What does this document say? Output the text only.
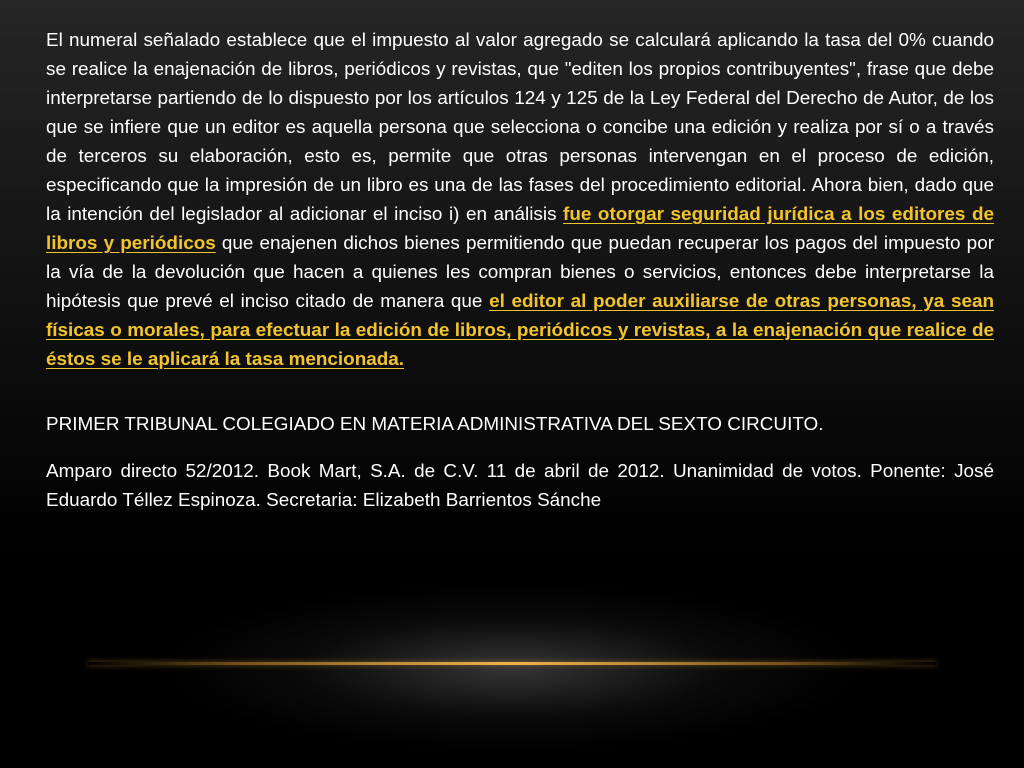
El numeral señalado establece que el impuesto al valor agregado se calculará aplicando la tasa del 0% cuando se realice la enajenación de libros, periódicos y revistas, que "editen los propios contribuyentes", frase que debe interpretarse partiendo de lo dispuesto por los artículos 124 y 125 de la Ley Federal del Derecho de Autor, de los que se infiere que un editor es aquella persona que selecciona o concibe una edición y realiza por sí o a través de terceros su elaboración, esto es, permite que otras personas intervengan en el proceso de edición, especificando que la impresión de un libro es una de las fases del procedimiento editorial. Ahora bien, dado que la intención del legislador al adicionar el inciso i) en análisis fue otorgar seguridad jurídica a los editores de libros y periódicos que enajenen dichos bienes permitiendo que puedan recuperar los pagos del impuesto por la vía de la devolución que hacen a quienes les compran bienes o servicios, entonces debe interpretarse la hipótesis que prevé el inciso citado de manera que el editor al poder auxiliarse de otras personas, ya sean físicas o morales, para efectuar la edición de libros, periódicos y revistas, a la enajenación que realice de éstos se le aplicará la tasa mencionada.

PRIMER TRIBUNAL COLEGIADO EN MATERIA ADMINISTRATIVA DEL SEXTO CIRCUITO.

Amparo directo 52/2012. Book Mart, S.A. de C.V. 11 de abril de 2012. Unanimidad de votos. Ponente: José Eduardo Téllez Espinoza. Secretaria: Elizabeth Barrientos Sánche
